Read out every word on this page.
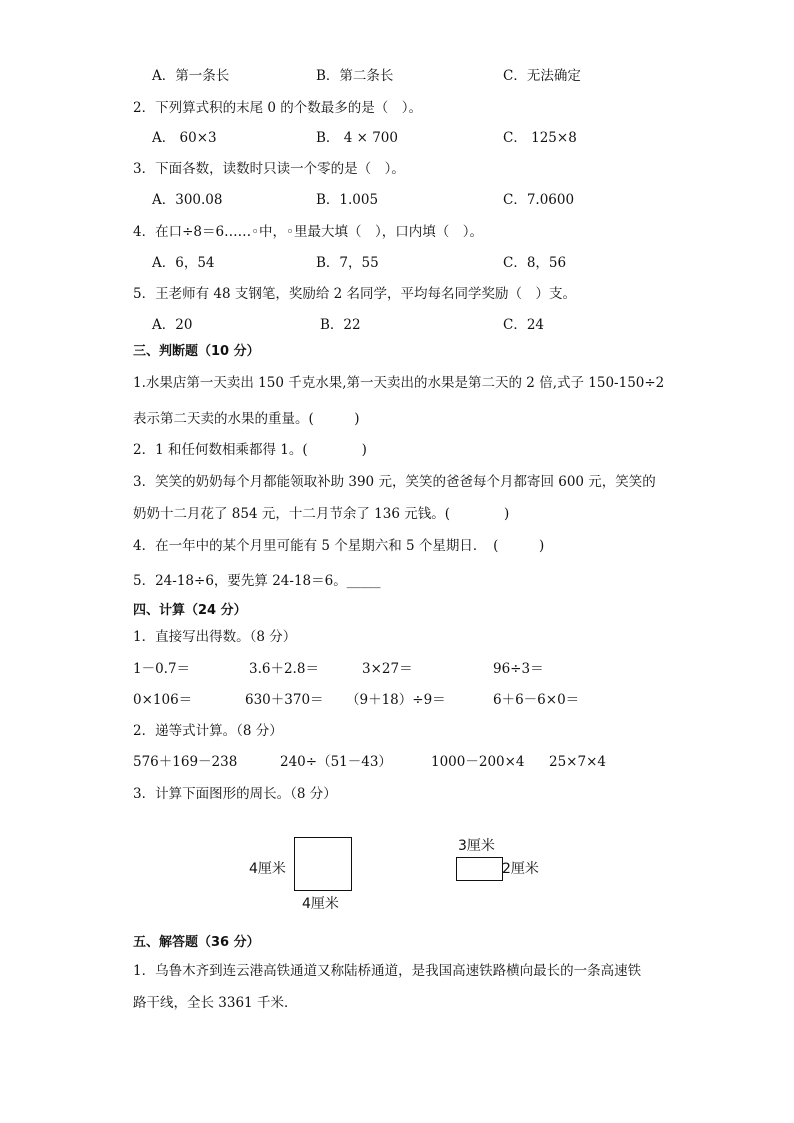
A．第一条长	B．第二条长	C．无法确定
2．下列算式积的末尾 0 的个数最多的是（　）。
A． 60×3	B． 4 × 700	C． 125×8
3．下面各数，读数时只读一个零的是（　）。
A．300.08	B．1.005	C．7.0600
4．在口÷8＝6……◦中，◦里最大填（　），口内填（　）。
A．6，54	B．7，55	C．8，56
5．王老师有 48 支钢笔，奖励给 2 名同学，平均每名同学奖励（　）支。
A．20	B．22	C．24
三、判断题（10 分）
1.水果店第一天卖出 150 千克水果,第一天卖出的水果是第二天的 2 倍,式子 150-150÷2
表示第二天卖的水果的重量。(　　　)
2．1 和任何数相乘都得 1。(　　　　)
3．笑笑的奶奶每个月都能领取补助 390 元，笑笑的爸爸每个月都寄回 600 元，笑笑的
奶奶十二月花了 854 元，十二月节余了 136 元钱。(　　　　)
4．在一年中的某个月里可能有 5 个星期六和 5 个星期日．　(　　　)
5．24-18÷6，要先算 24-18＝6。_____
四、计算（24 分）
1．直接写出得数。（8 分）
1－0.7＝	3.6＋2.8＝	3×27＝	96÷3＝
0×106＝	630＋370＝ （9＋18）÷9＝	6＋6－6×0＝
2．递等式计算。（8 分）
576＋169－238	240÷（51－43）	1000－200×4 25×7×4
3．计算下面图形的周长。（8 分）
4厘米
4厘米
3厘米
2厘米
五、解答题（36 分）
1．乌鲁木齐到连云港高铁通道又称陆桥通道，是我国高速铁路横向最长的一条高速铁
路干线，全长 3361 千米．
